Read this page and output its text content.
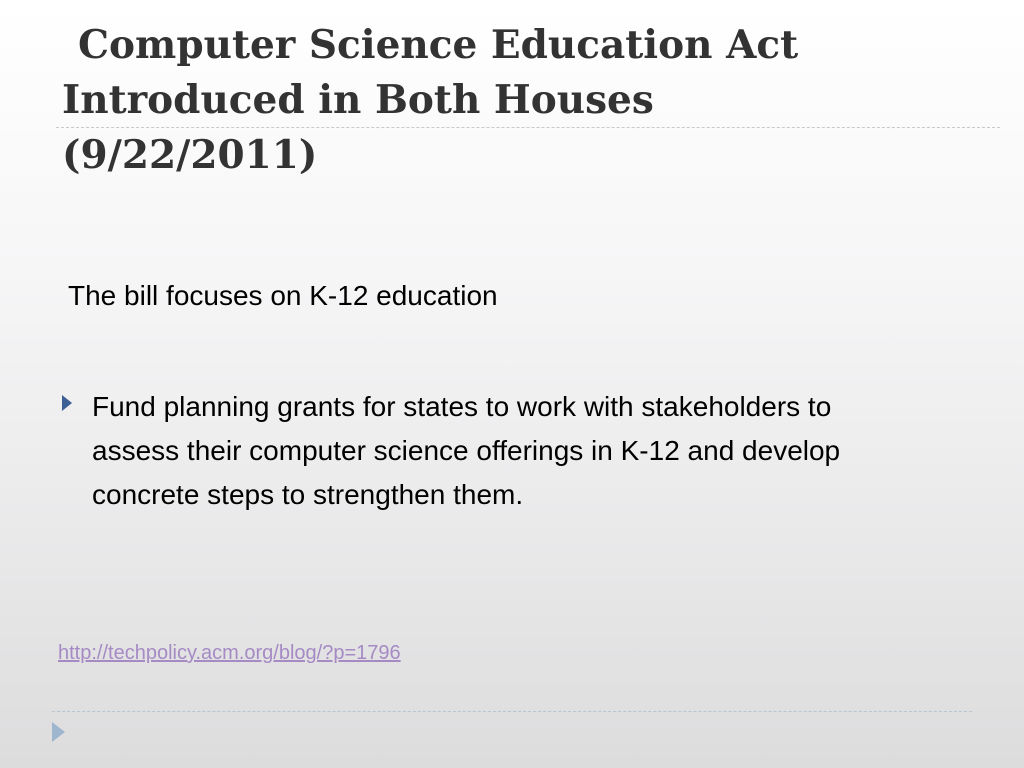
Computer Science Education Act
Introduced in Both Houses
(9/22/2011)

The bill focuses on K-12 education

Fund planning grants for states to work with stakeholders to
assess their computer science offerings in K-12 and develop
concrete steps to strengthen them.

http://techpolicy.acm.org/blog/?p=1796
